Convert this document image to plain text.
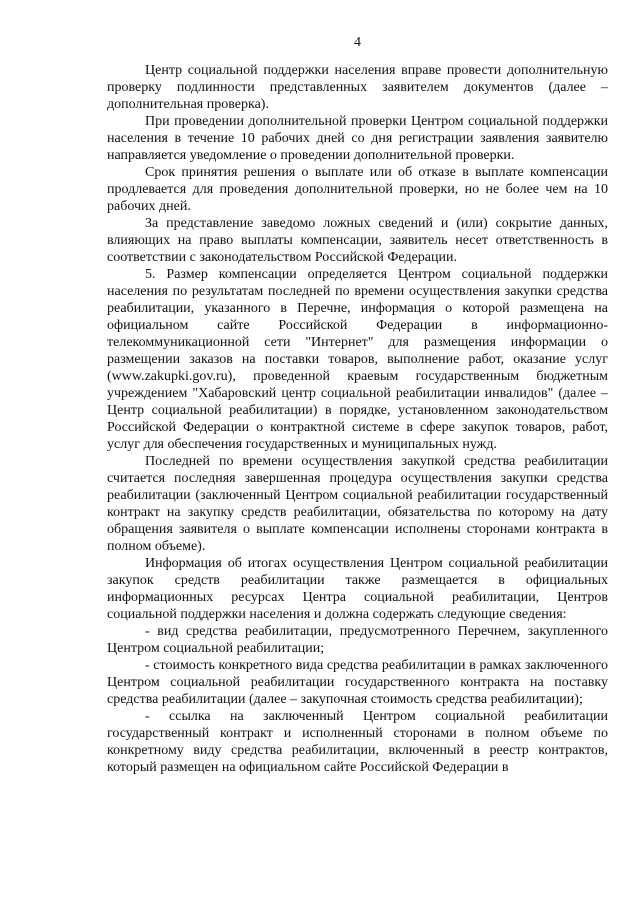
4

Центр социальной поддержки населения вправе провести дополнительную проверку подлинности представленных заявителем документов (далее – дополнительная проверка).

При проведении дополнительной проверки Центром социальной поддержки населения в течение 10 рабочих дней со дня регистрации заявления заявителю направляется уведомление о проведении дополнительной проверки.

Срок принятия решения о выплате или об отказе в выплате компенсации продлевается для проведения дополнительной проверки, но не более чем на 10 рабочих дней.

За представление заведомо ложных сведений и (или) сокрытие данных, влияющих на право выплаты компенсации, заявитель несет ответственность в соответствии с законодательством Российской Федерации.

5. Размер компенсации определяется Центром социальной поддержки населения по результатам последней по времени осуществления закупки средства реабилитации, указанного в Перечне, информация о которой размещена на официальном сайте Российской Федерации в информационно-телекоммуникационной сети "Интернет" для размещения информации о размещении заказов на поставки товаров, выполнение работ, оказание услуг (www.zakupki.gov.ru), проведенной краевым государственным бюджетным учреждением "Хабаровский центр социальной реабилитации инвалидов" (далее – Центр социальной реабилитации) в порядке, установленном законодательством Российской Федерации о контрактной системе в сфере закупок товаров, работ, услуг для обеспечения государственных и муниципальных нужд.

Последней по времени осуществления закупкой средства реабилитации считается последняя завершенная процедура осуществления закупки средства реабилитации (заключенный Центром социальной реабилитации государственный контракт на закупку средств реабилитации, обязательства по которому на дату обращения заявителя о выплате компенсации исполнены сторонами контракта в полном объеме).

Информация об итогах осуществления Центром социальной реабилитации закупок средств реабилитации также размещается в официальных информационных ресурсах Центра социальной реабилитации, Центров социальной поддержки населения и должна содержать следующие сведения:

- вид средства реабилитации, предусмотренного Перечнем, закупленного Центром социальной реабилитации;

- стоимость конкретного вида средства реабилитации в рамках заключенного Центром социальной реабилитации государственного контракта на поставку средства реабилитации (далее – закупочная стоимость средства реабилитации);

- ссылка на заключенный Центром социальной реабилитации государственный контракт и исполненный сторонами в полном объеме по конкретному виду средства реабилитации, включенный в реестр контрактов, который размещен на официальном сайте Российской Федерации в
